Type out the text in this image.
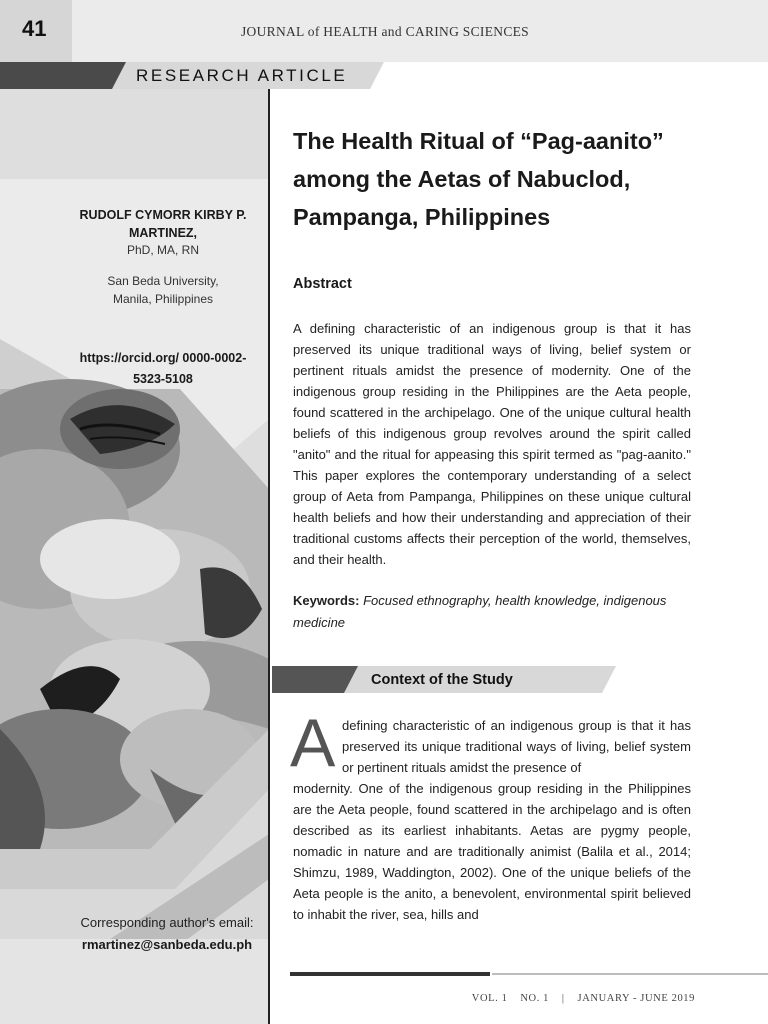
41	JOURNAL of HEALTH and CARING SCIENCES
RESEARCH ARTICLE
RUDOLF CYMORR KIRBY P. MARTINEZ,
PhD, MA, RN
San Beda University,
Manila, Philippines
https://orcid.org/ 0000-0002-
5323-5108
Corresponding author's email:
rmartinez@sanbeda.edu.ph
The Health Ritual of “Pag-aanito” among the Aetas of Nabuclod, Pampanga, Philippines
Abstract
A defining characteristic of an indigenous group is that it has preserved its unique traditional ways of living, belief system or pertinent rituals amidst the presence of modernity. One of the indigenous group residing in the Philippines are the Aeta people, found scattered in the archipelago. One of the unique cultural health beliefs of this indigenous group revolves around the spirit called "anito" and the ritual for appeasing this spirit termed as "pag-aanito." This paper explores the contemporary understanding of a select group of Aeta from Pampanga, Philippines on these unique cultural health beliefs and how their understanding and appreciation of their traditional customs affects their perception of the world, themselves, and their health.
Keywords: Focused ethnography, health knowledge, indigenous medicine
Context of the Study
A defining characteristic of an indigenous group is that it has preserved its unique traditional ways of living, belief system or pertinent rituals amidst the presence of
modernity. One of the indigenous group residing in the Philippines are the Aeta people, found scattered in the archipelago and is often described as its earliest inhabitants. Aetas are pygmy people, nomadic in nature and are traditionally animist (Balila et al., 2014; Shimzu, 1989, Waddington, 2002). One of the unique beliefs of the Aeta people is the anito, a benevolent, environmental spirit believed to inhabit the river, sea, hills and
VOL. 1    NO. 1    |    JANUARY - JUNE 2019
